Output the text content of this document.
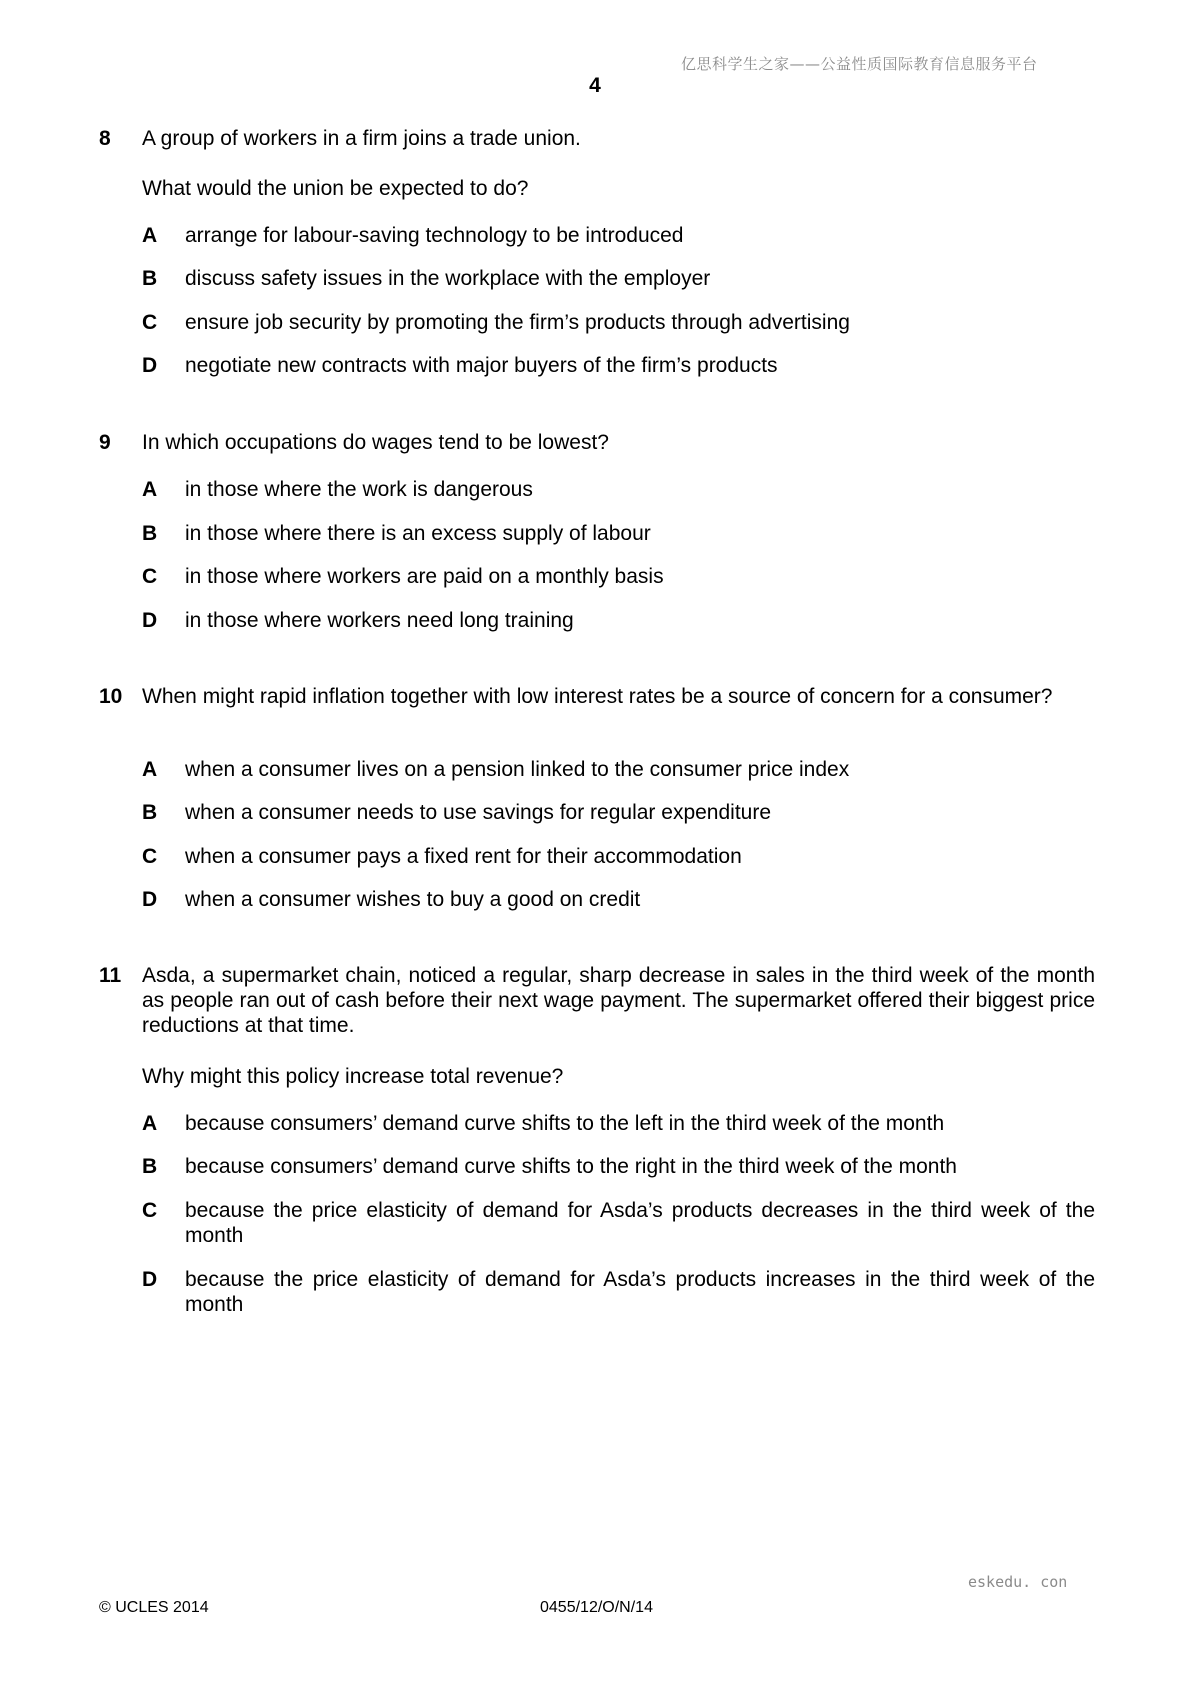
亿思科学生之家——公益性质国际教育信息服务平台
4
8 A group of workers in a firm joins a trade union.
What would the union be expected to do?
A arrange for labour-saving technology to be introduced
B discuss safety issues in the workplace with the employer
C ensure job security by promoting the firm’s products through advertising
D negotiate new contracts with major buyers of the firm’s products
9 In which occupations do wages tend to be lowest?
A in those where the work is dangerous
B in those where there is an excess supply of labour
C in those where workers are paid on a monthly basis
D in those where workers need long training
10 When might rapid inflation together with low interest rates be a source of concern for a consumer?
A when a consumer lives on a pension linked to the consumer price index
B when a consumer needs to use savings for regular expenditure
C when a consumer pays a fixed rent for their accommodation
D when a consumer wishes to buy a good on credit
11 Asda, a supermarket chain, noticed a regular, sharp decrease in sales in the third week of the month as people ran out of cash before their next wage payment. The supermarket offered their biggest price reductions at that time.
Why might this policy increase total revenue?
A because consumers’ demand curve shifts to the left in the third week of the month
B because consumers’ demand curve shifts to the right in the third week of the month
C because the price elasticity of demand for Asda’s products decreases in the third week of the month
D because the price elasticity of demand for Asda’s products increases in the third week of the month
eskedu. con
© UCLES 2014	0455/12/O/N/14
